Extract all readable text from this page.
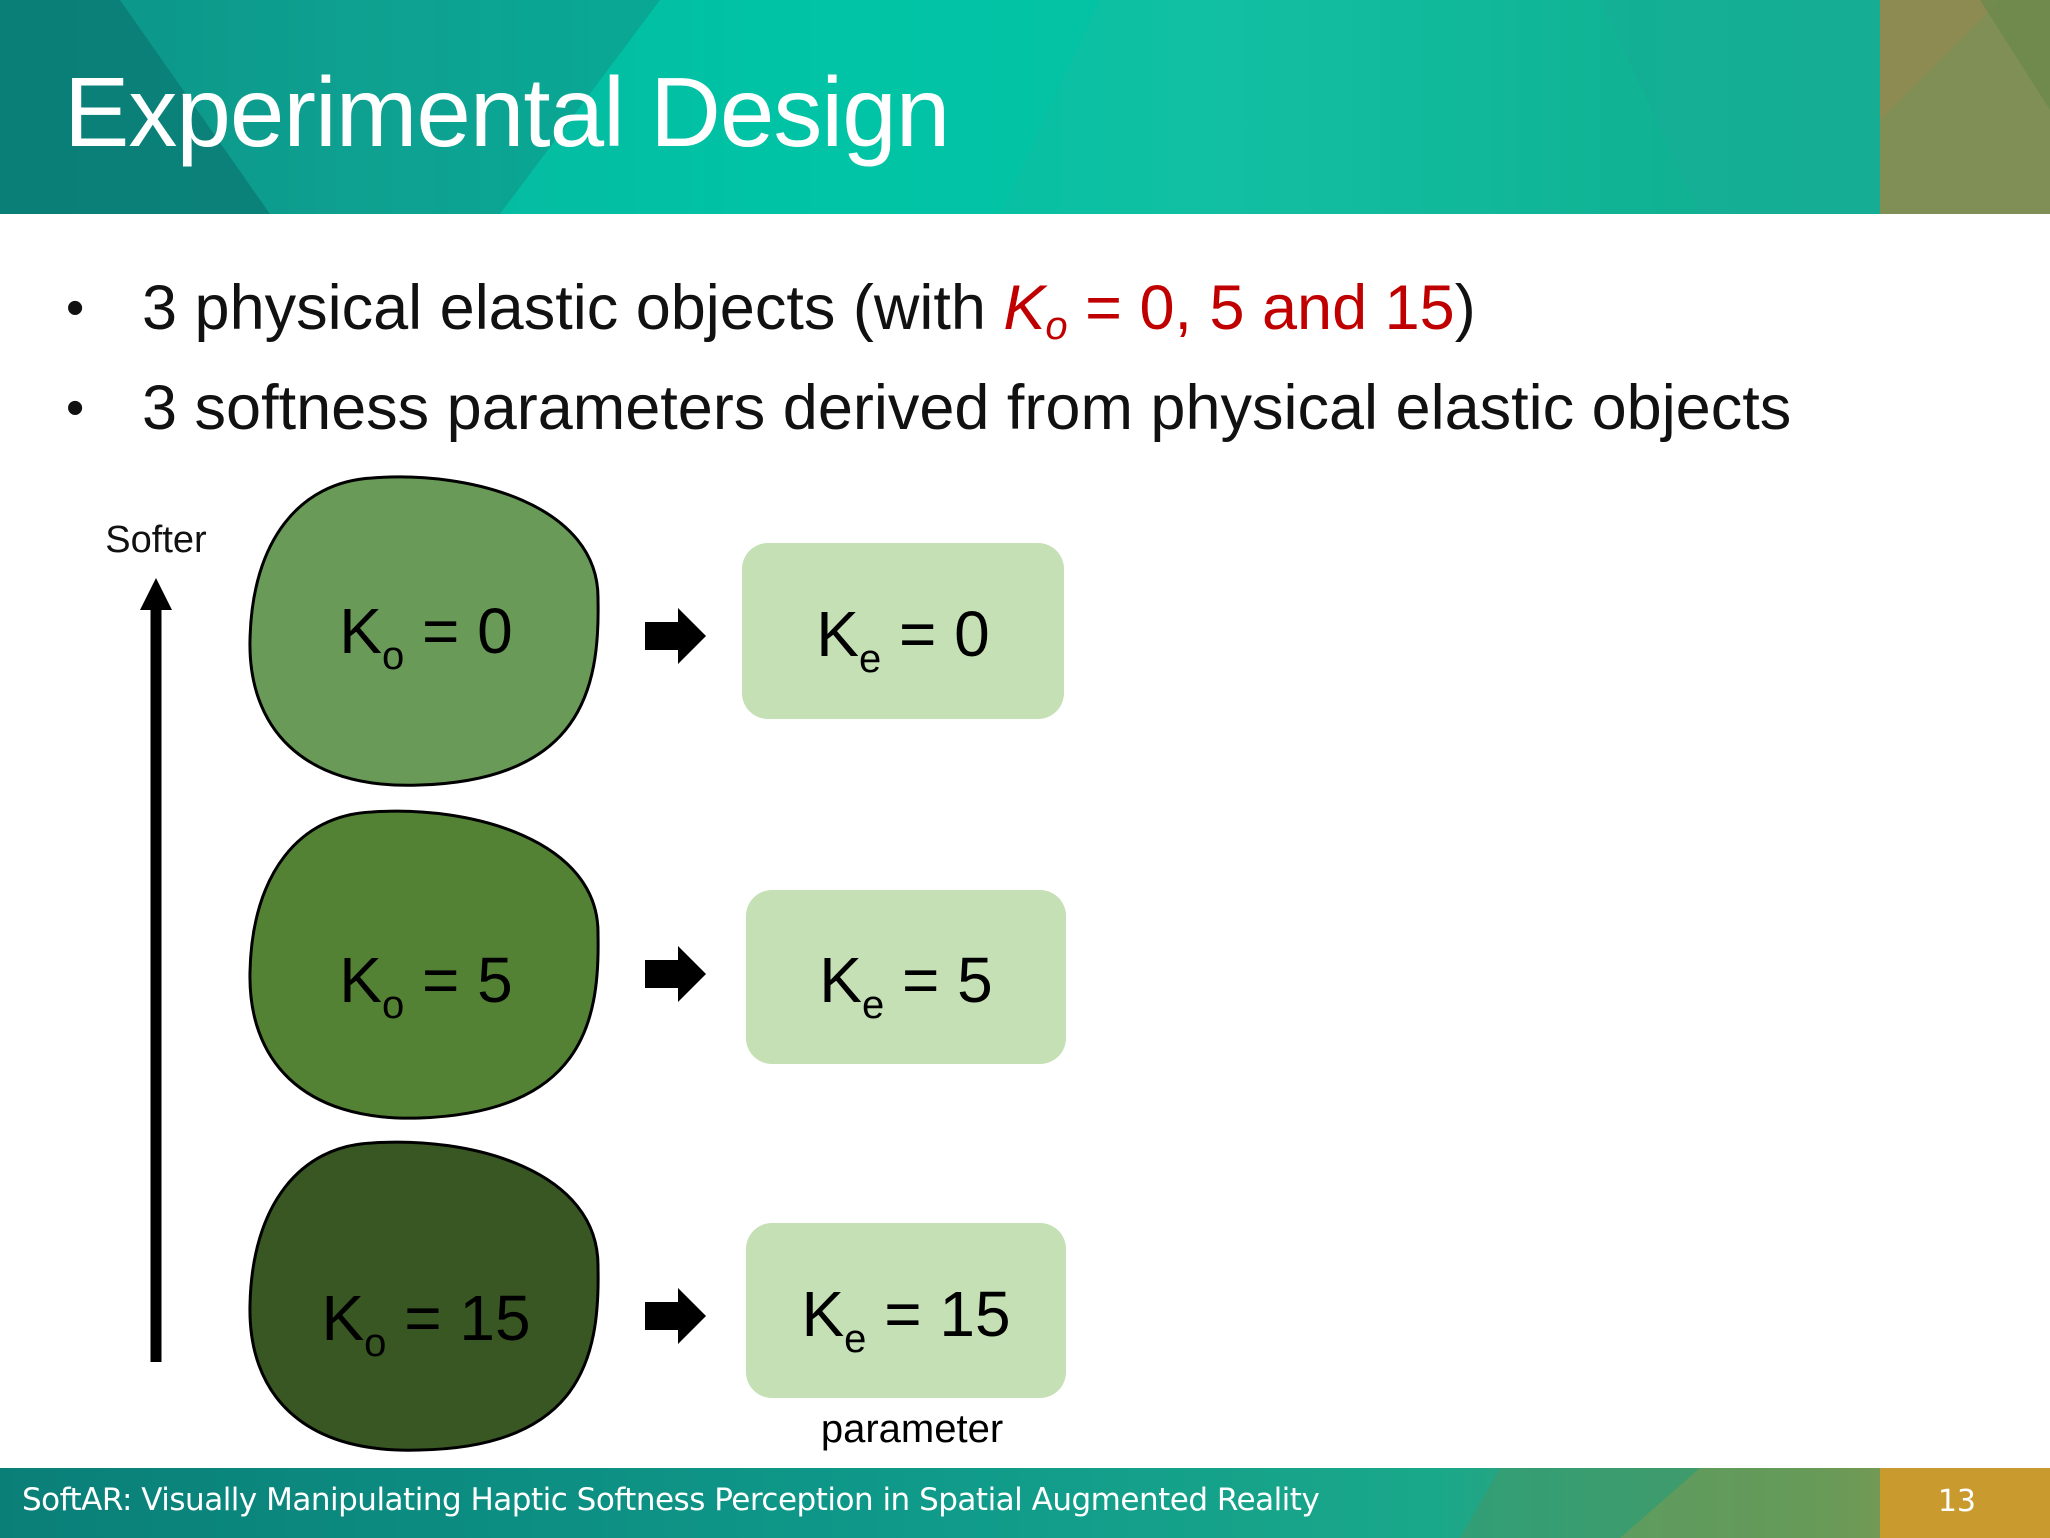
Experimental Design
• 3 physical elastic objects (with $K_o = 0$, 5 and 15)
• 3 softness parameters derived from physical elastic objects
Softer
$K_o = 0$
$K_o = 5$
$K_o = 15$
$K_e = 0$
$K_e = 5$
$K_e = 15$
parameter
SoftAR: Visually Manipulating Haptic Softness Perception in Spatial Augmented Reality	13
